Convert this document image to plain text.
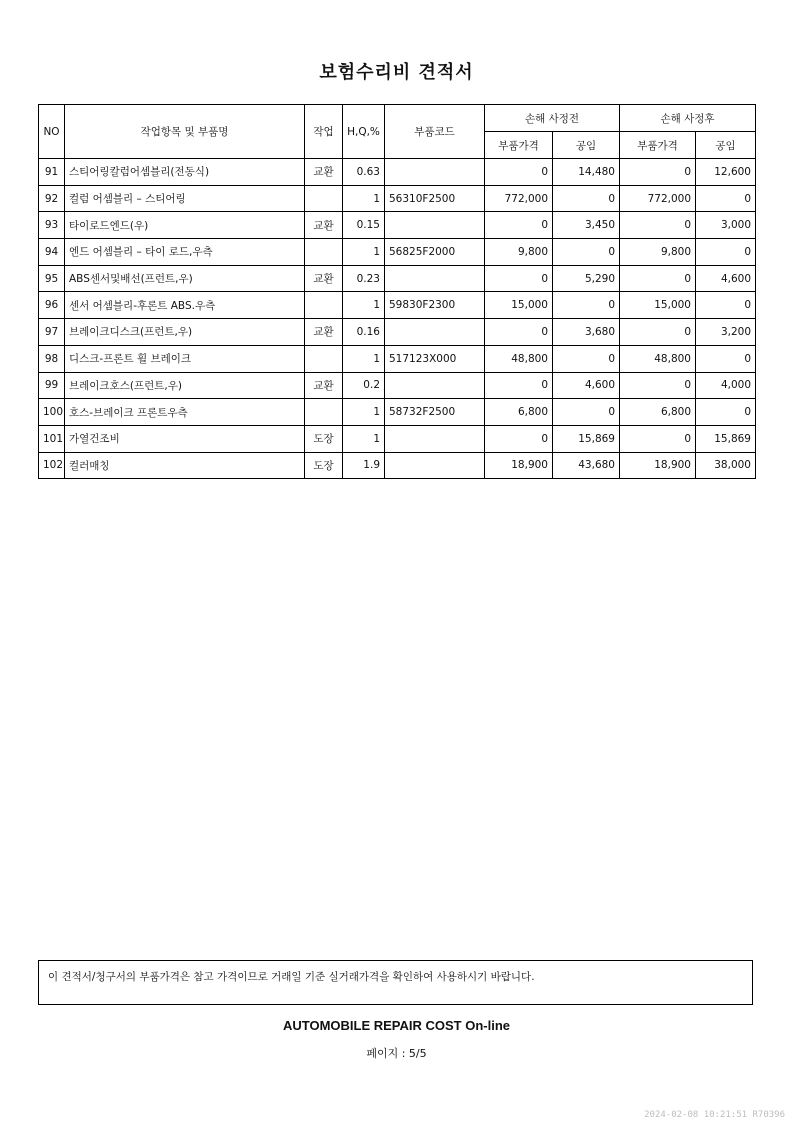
보험수리비 견적서
NO	작업항목 및 부품명	작업	H,Q,%	부품코드	손해 사정전		손해 사정후	
					부품가격	공임	부품가격	공임
91	스티어링칼럼어셈블리(전동식)	교환	0.63		0	14,480	0	12,600
92	컬럼 어셈블리 – 스티어링		1	56310F2500	772,000	0	772,000	0
93	타이로드엔드(우)	교환	0.15		0	3,450	0	3,000
94	엔드 어셈블리 – 타이 로드,우측		1	56825F2000	9,800	0	9,800	0
95	ABS센서및배선(프런트,우)	교환	0.23		0	5,290	0	4,600
96	센서 어셈블리-후론트 ABS.우측		1	59830F2300	15,000	0	15,000	0
97	브레이크디스크(프런트,우)	교환	0.16		0	3,680	0	3,200
98	디스크-프론트 휠 브레이크		1	517123X000	48,800	0	48,800	0
99	브레이크호스(프런트,우)	교환	0.2		0	4,600	0	4,000
100	호스-브레이크 프론트우측		1	58732F2500	6,800	0	6,800	0
101	가열건조비	도장	1		0	15,869	0	15,869
102	컬러매칭	도장	1.9		18,900	43,680	18,900	38,000
이 견적서/청구서의 부품가격은 참고 가격이므로 거래일 기준 실거래가격을 확인하여 사용하시기 바랍니다.
AUTOMOBILE REPAIR COST On-line
페이지 : 5/5
2024-02-08 10:21:51 R70396
